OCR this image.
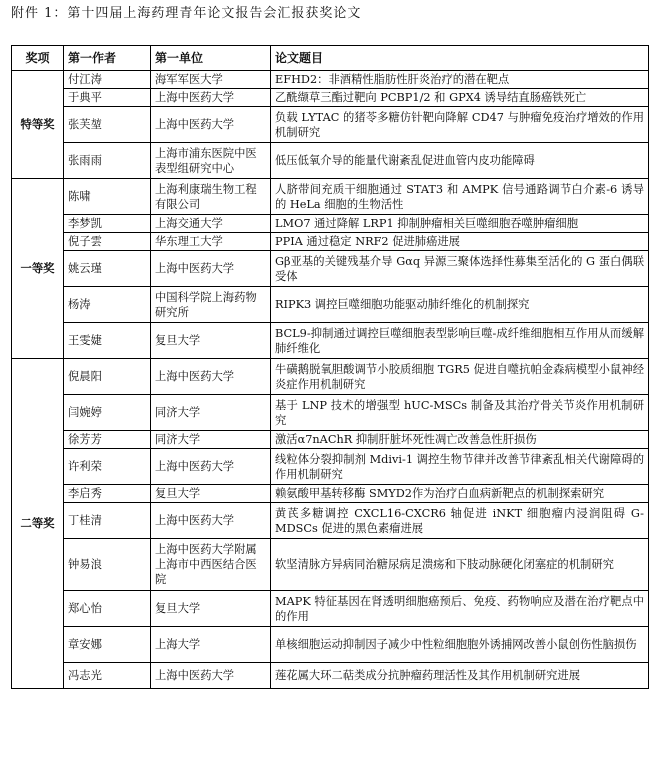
附件 1：第十四届上海药理青年论文报告会汇报获奖论文
奖项	第一作者	第一单位	论文题目
特等奖	付江涛	海军军医大学	EFHD2：非酒精性脂肪性肝炎治疗的潜在靶点
	于典平	上海中医药大学	乙酰缬草三酯过靶向 PCBP1/2 和 GPX4 诱导结直肠癌铁死亡
	张芙堃	上海中医药大学	负载 LYTAC 的猪苓多糖仿针靶向降解 CD47 与肿瘤免疫治疗增效的作用机制研究
	张雨雨	上海市浦东医院中医表型组研究中心	低压低氧介导的能量代谢紊乱促进血管内皮功能障碍
一等奖	陈啸	上海利康瑞生物工程有限公司	人脐带间充质干细胞通过 STAT3 和 AMPK 信号通路调节白介素-6 诱导的 HeLa 细胞的生物活性
	李梦凯	上海交通大学	LMO7 通过降解 LRP1 抑制肿瘤相关巨噬细胞吞噬肿瘤细胞
	倪子雲	华东理工大学	PPIA 通过稳定 NRF2 促进肺癌进展
	姚云瑾	上海中医药大学	Gβ亚基的关键残基介导 Gαq 异源三聚体选择性募集至活化的 G 蛋白偶联受体
	杨涛	中国科学院上海药物研究所	RIPK3 调控巨噬细胞功能驱动肺纤维化的机制探究
	王雯婕	复旦大学	BCL9-抑制通过调控巨噬细胞表型影响巨噬-成纤维细胞相互作用从而缓解肺纤维化
二等奖	倪晨阳	上海中医药大学	牛磺鹅脱氧胆酸调节小胶质细胞 TGR5 促进自噬抗帕金森病模型小鼠神经炎症作用机制研究
	闫婉婷	同济大学	基于 LNP 技术的增强型 hUC-MSCs 制备及其治疗骨关节炎作用机制研究
	徐芳芳	同济大学	激活α7nAChR 抑制肝脏坏死性凋亡改善急性肝损伤
	许利荣	上海中医药大学	线粒体分裂抑制剂 Mdivi-1 调控生物节律并改善节律紊乱相关代谢障碍的作用机制研究
	李启秀	复旦大学	赖氨酸甲基转移酶 SMYD2作为治疗白血病新靶点的机制探索研究
	丁桂清	上海中医药大学	黄芪多糖调控 CXCL16-CXCR6 轴促进 iNKT 细胞瘤内浸润阻碍 G-MDSCs 促进的黑色素瘤进展
	钟易浪	上海中医药大学附属上海市中西医结合医院	软坚清脉方异病同治糖尿病足溃疡和下肢动脉硬化闭塞症的机制研究
	郑心怡	复旦大学	MAPK 特征基因在肾透明细胞癌预后、免疫、药物响应及潜在治疗靶点中的作用
	章安娜	上海大学	单核细胞运动抑制因子减少中性粒细胞胞外诱捕网改善小鼠创伤性脑损伤
	冯志光	上海中医药大学	莲花属大环二萜类成分抗肿瘤药理活性及其作用机制研究进展
